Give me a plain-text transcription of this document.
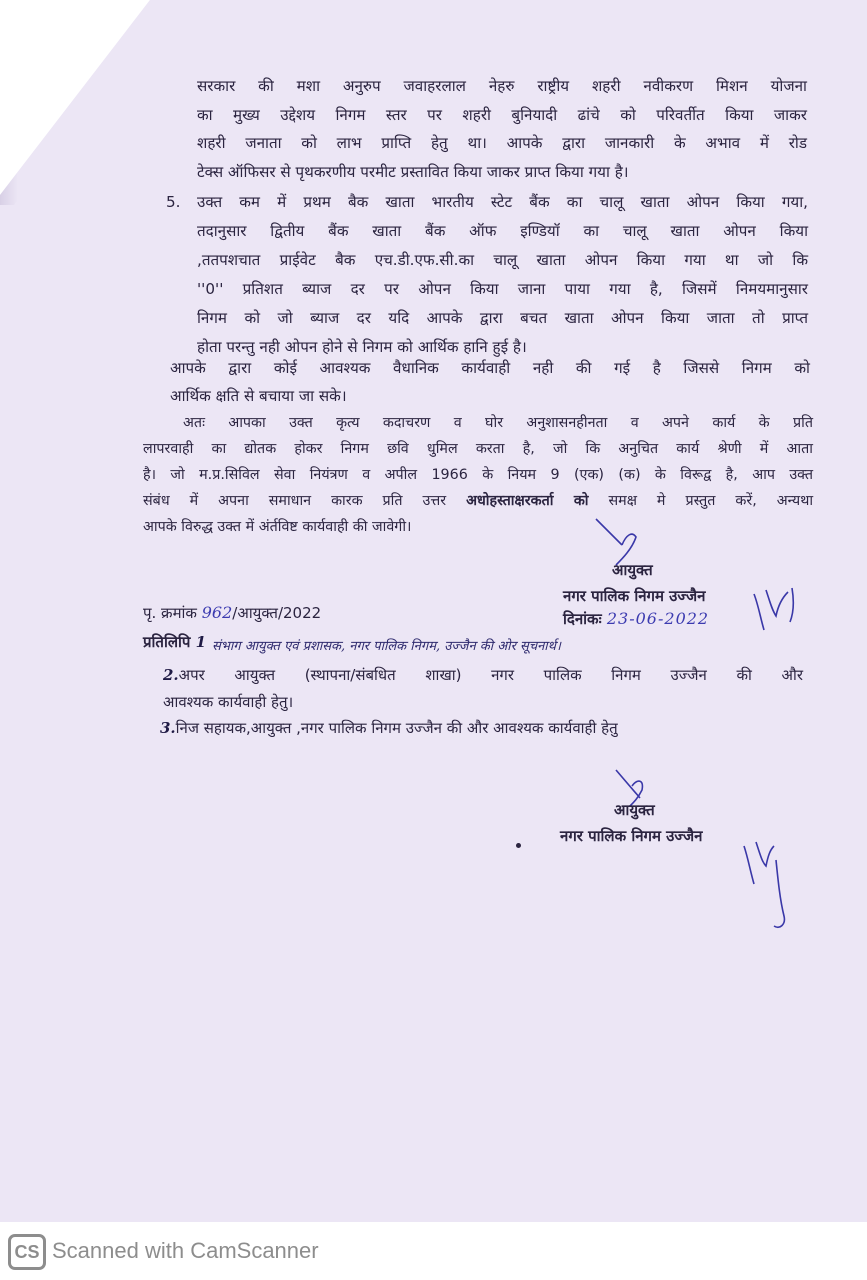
सरकार की मशा अनुरुप जवाहरलाल नेहरु राष्ट्रीय शहरी नवीकरण मिशन योजना
का मुख्य उद्देशय निगम स्तर पर शहरी बुनियादी ढांचे को परिवर्तीत किया जाकर
शहरी जनाता को लाभ प्राप्ति हेतु था। आपके द्वारा जानकारी के अभाव में रोड
टेक्स ऑफिसर से पृथकरणीय परमीट प्रस्तावित किया जाकर प्राप्त किया गया है।
5. उक्त कम में प्रथम बैक खाता भारतीय स्टेट बैंक का चालू खाता ओपन किया गया,
तदानुसार द्वितीय बैंक खाता बैंक ऑफ इण्डियॉ का चालू खाता ओपन किया
,ततपशचात प्राईवेट बैक एच.डी.एफ.सी.का चालू खाता ओपन किया गया था जो कि
''0'' प्रतिशत ब्याज दर पर ओपन किया जाना पाया गया है, जिसमें निमयमानुसार
निगम को जो ब्याज दर यदि आपके द्वारा बचत खाता ओपन किया जाता तो प्राप्त
होता परन्तु नही ओपन होने से निगम को आर्थिक हानि हुई है।
आपके द्वारा कोई आवश्यक वैधानिक कार्यवाही नही की गई है जिससे निगम को
आर्थिक क्षति से बचाया जा सके।
अतः आपका उक्त कृत्य कदाचरण व घोर अनुशासनहीनता व अपने कार्य के प्रति
लापरवाही का द्योतक होकर निगम छवि धुमिल करता है, जो कि अनुचित कार्य श्रेणी में आता
है। जो म.प्र.सिविल सेवा नियंत्रण व अपील 1966 के नियम 9 (एक) (क) के विरूद्व है, आप उक्त
संबंध में अपना समाधान कारक प्रति उत्तर अधोहस्ताक्षरकर्ता को समक्ष मे प्रस्तुत करें, अन्यथा
आपके विरुद्ध उक्त में अंर्तविष्ट कार्यवाही की जावेगी।
आयुक्त
नगर पालिक निगम उज्जैन
पृ. क्रमांक 962/आयुक्त/2022	दिनांकः 23-06-2022
प्रतिलिपि 1 संभाग आयुक्त एवं प्रशासक, नगर पालिक निगम, उज्जैन की ओर सूचनार्थ।
2.अपर आयुक्त (स्थापना/संबधित शाखा) नगर पालिक निगम उज्जैन की और
आवश्यक कार्यवाही हेतु।
3.निज सहायक,आयुक्त ,नगर पालिक निगम उज्जैन की और आवश्यक कार्यवाही हेतु
आयुक्त
नगर पालिक निगम उज्जैन
CS Scanned with CamScanner
